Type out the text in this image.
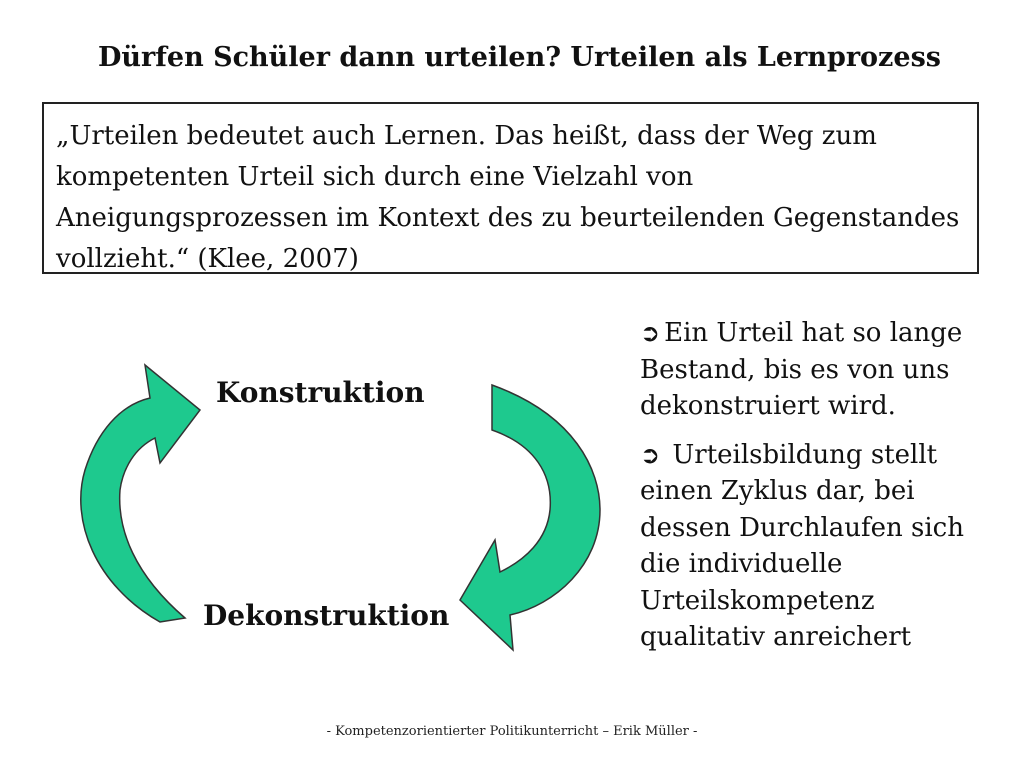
Dürfen Schüler dann urteilen? Urteilen als Lernprozess

„Urteilen bedeutet auch Lernen. Das heißt, dass der Weg zum kompetenten Urteil sich durch eine Vielzahl von Aneigungsprozessen im Kontext des zu beurteilenden Gegenstandes vollzieht.“ (Klee, 2007)

Konstruktion
Dekonstruktion

➲ Ein Urteil hat so lange Bestand, bis es von uns dekonstruiert wird.

➲ Urteilsbildung stellt einen Zyklus dar, bei dessen Durchlaufen sich die individuelle Urteilskompetenz qualitativ anreichert

- Kompetenzorientierter Politikunterricht – Erik Müller -
